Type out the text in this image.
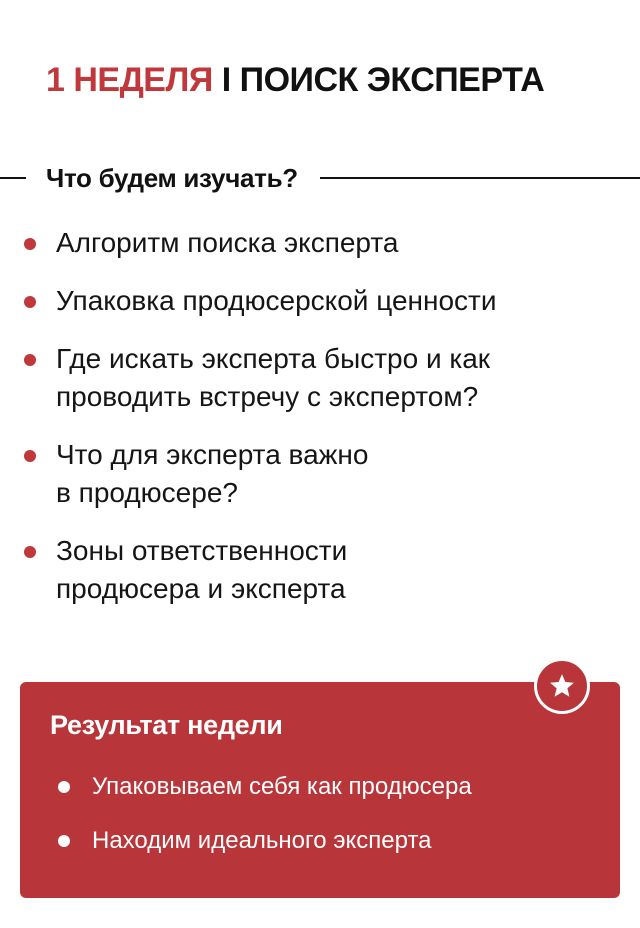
1 НЕДЕЛЯ I ПОИСК ЭКСПЕРТА
Что будем изучать?
Алгоритм поиска эксперта
Упаковка продюсерской ценности
Где искать эксперта быстро и как
проводить встречу с экспертом?
Что для эксперта важно
в продюсере?
Зоны ответственности
продюсера и эксперта
Результат недели
Упаковываем себя как продюсера
Находим идеального эксперта
